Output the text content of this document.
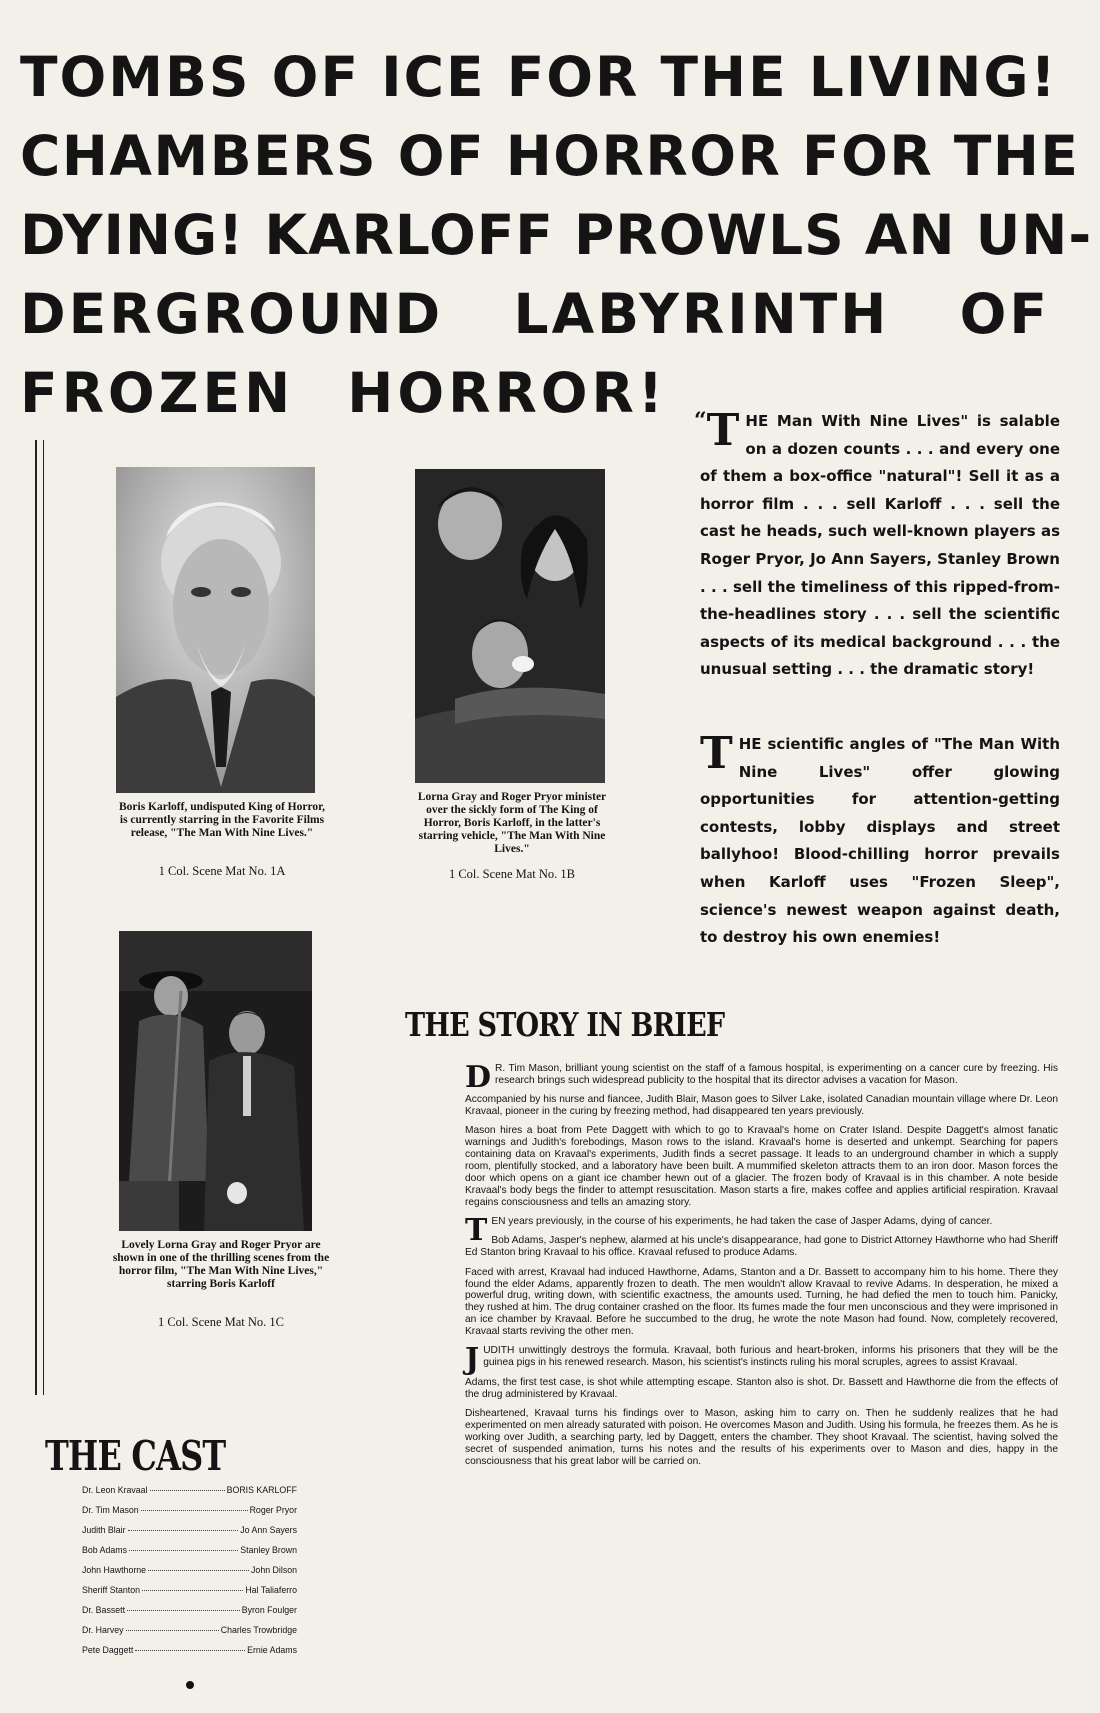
TOMBS OF ICE FOR THE LIVING!
CHAMBERS OF HORROR FOR THE
DYING! KARLOFF PROWLS AN UN-
DERGROUND LABYRINTH OF
FROZEN HORROR!
Boris Karloff, undisputed King of Horror, is currently starring in the Favorite Films release, "The Man With Nine Lives."
1 Col. Scene Mat No. 1A
Lorna Gray and Roger Pryor minister over the sickly form of The King of Horror, Boris Karloff, in the latter's starring vehicle, "The Man With Nine Lives."
1 Col. Scene Mat No. 1B
Lovely Lorna Gray and Roger Pryor are shown in one of the thrilling scenes from the horror film, "The Man With Nine Lives," starring Boris Karloff
1 Col. Scene Mat No. 1C
“ T HE Man With Nine Lives" is salable on a dozen counts . . . and every one of them a box-office "natural"! Sell it as a horror film . . . sell Karloff . . . sell the cast he heads, such well-known players as Roger Pryor, Jo Ann Sayers, Stanley Brown . . . sell the timeliness of this ripped-from-the-headlines story . . . sell the scientific aspects of its medical background . . . the unusual setting . . . the dramatic story!
T HE scientific angles of "The Man With Nine Lives" offer glowing opportunities for attention-getting contests, lobby displays and street ballyhoo! Blood-chilling horror prevails when Karloff uses "Frozen Sleep", science's newest weapon against death, to destroy his own enemies!
THE STORY IN BRIEF

D R. Tim Mason, brilliant young scientist on the staff of a famous hospital, is experimenting on a cancer cure by freezing. His research brings such widespread publicity to the hospital that its director advises a vacation for Mason.

Accompanied by his nurse and fiancee, Judith Blair, Mason goes to Silver Lake, isolated Canadian mountain village where Dr. Leon Kravaal, pioneer in the curing by freezing method, had disappeared ten years previously.

Mason hires a boat from Pete Daggett with which to go to Kravaal's home on Crater Island. Despite Daggett's almost fanatic warnings and Judith's forebodings, Mason rows to the island. Kravaal's home is deserted and unkempt. Searching for papers containing data on Kravaal's experiments, Judith finds a secret passage. It leads to an underground chamber in which a supply room, plentifully stocked, and a laboratory have been built. A mummified skeleton attracts them to an iron door. Mason forces the door which opens on a giant ice chamber hewn out of a glacier. The frozen body of Kravaal is in this chamber. A note beside Kravaal's body begs the finder to attempt resuscitation. Mason starts a fire, makes coffee and applies artificial respiration. Kravaal regains consciousness and tells an amazing story.

TEN years previously, in the course of his experiments, he had taken the case of Jasper Adams, dying of cancer.

Bob Adams, Jasper's nephew, alarmed at his uncle's disappearance, had gone to District Attorney Hawthorne who had Sheriff Ed Stanton bring Kravaal to his office. Kravaal refused to produce Adams.

Faced with arrest, Kravaal had induced Hawthorne, Adams, Stanton and a Dr. Bassett to accompany him to his home. There they found the elder Adams, apparently frozen to death. The men wouldn't allow Kravaal to revive Adams. In desperation, he mixed a powerful drug, writing down, with scientific exactness, the amounts used. Turning, he had defied the men to touch him. Panicky, they rushed at him. The drug container crashed on the floor. Its fumes made the four men unconscious and they were imprisoned in an ice chamber by Kravaal. Before he succumbed to the drug, he wrote the note Mason had found. Now, completely recovered, Kravaal starts reviving the other men.

JUDITH unwittingly destroys the formula. Kravaal, both furious and heart-broken, informs his prisoners that they will be the guinea pigs in his renewed research. Mason, his scientist's instincts ruling his moral scruples, agrees to assist Kravaal.

Adams, the first test case, is shot while attempting escape. Stanton also is shot. Dr. Bassett and Hawthorne die from the effects of the drug administered by Kravaal.

Disheartened, Kravaal turns his findings over to Mason, asking him to carry on. Then he suddenly realizes that he had experimented on men already saturated with poison. He overcomes Mason and Judith. Using his formula, he freezes them. As he is working over Judith, a searching party, led by Daggett, enters the chamber. They shoot Kravaal. The scientist, having solved the secret of suspended animation, turns his notes and the results of his experiments over to Mason and dies, happy in the consciousness that his great labor will be carried on.

THE CAST
Dr. Leon Kravaal	BORIS KARLOFF
Dr. Tim Mason	Roger Pryor
Judith Blair	Jo Ann Sayers
Bob Adams	Stanley Brown
John Hawthorne	John Dilson
Sheriff Stanton	Hal Taliaferro
Dr. Bassett	Byron Foulger
Dr. Harvey	Charles Trowbridge
Pete Daggett	Ernie Adams
